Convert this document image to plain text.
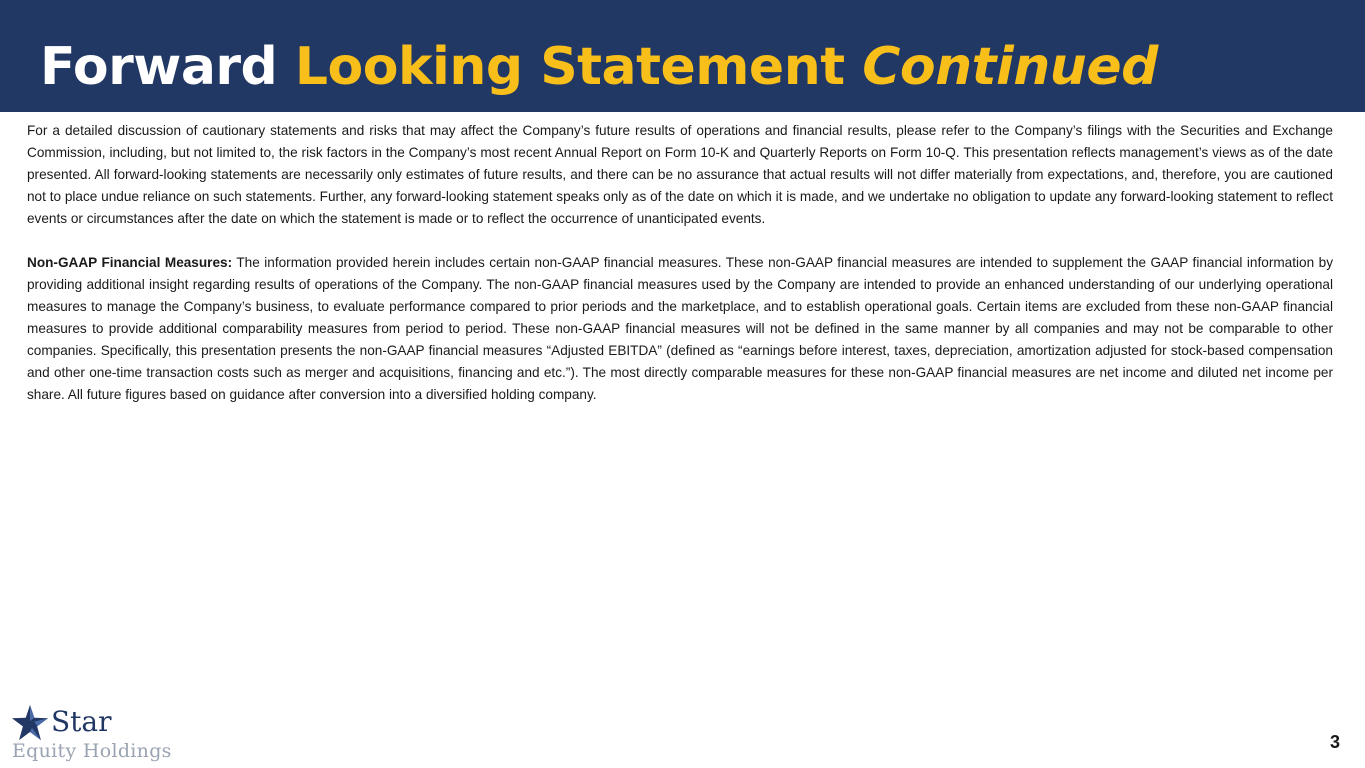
Forward Looking Statement Continued

For a detailed discussion of cautionary statements and risks that may affect the Company’s future results of operations and financial results, please refer to the Company’s filings with the Securities and Exchange Commission, including, but not limited to, the risk factors in the Company’s most recent Annual Report on Form 10-K and Quarterly Reports on Form 10-Q. This presentation reflects management’s views as of the date presented. All forward-looking statements are necessarily only estimates of future results, and there can be no assurance that actual results will not differ materially from expectations, and, therefore, you are cautioned not to place undue reliance on such statements. Further, any forward-looking statement speaks only as of the date on which it is made, and we undertake no obligation to update any forward-looking statement to reflect events or circumstances after the date on which the statement is made or to reflect the occurrence of unanticipated events.

Non-GAAP Financial Measures: The information provided herein includes certain non-GAAP financial measures. These non-GAAP financial measures are intended to supplement the GAAP financial information by providing additional insight regarding results of operations of the Company. The non-GAAP financial measures used by the Company are intended to provide an enhanced understanding of our underlying operational measures to manage the Company’s business, to evaluate performance compared to prior periods and the marketplace, and to establish operational goals. Certain items are excluded from these non-GAAP financial measures to provide additional comparability measures from period to period. These non-GAAP financial measures will not be defined in the same manner by all companies and may not be comparable to other companies. Specifically, this presentation presents the non-GAAP financial measures “Adjusted EBITDA” (defined as “earnings before interest, taxes, depreciation, amortization adjusted for stock-based compensation and other one-time transaction costs such as merger and acquisitions, financing and etc.”). The most directly comparable measures for these non-GAAP financial measures are net income and diluted net income per share. All future figures based on guidance after conversion into a diversified holding company.

Star
Equity Holdings	3
